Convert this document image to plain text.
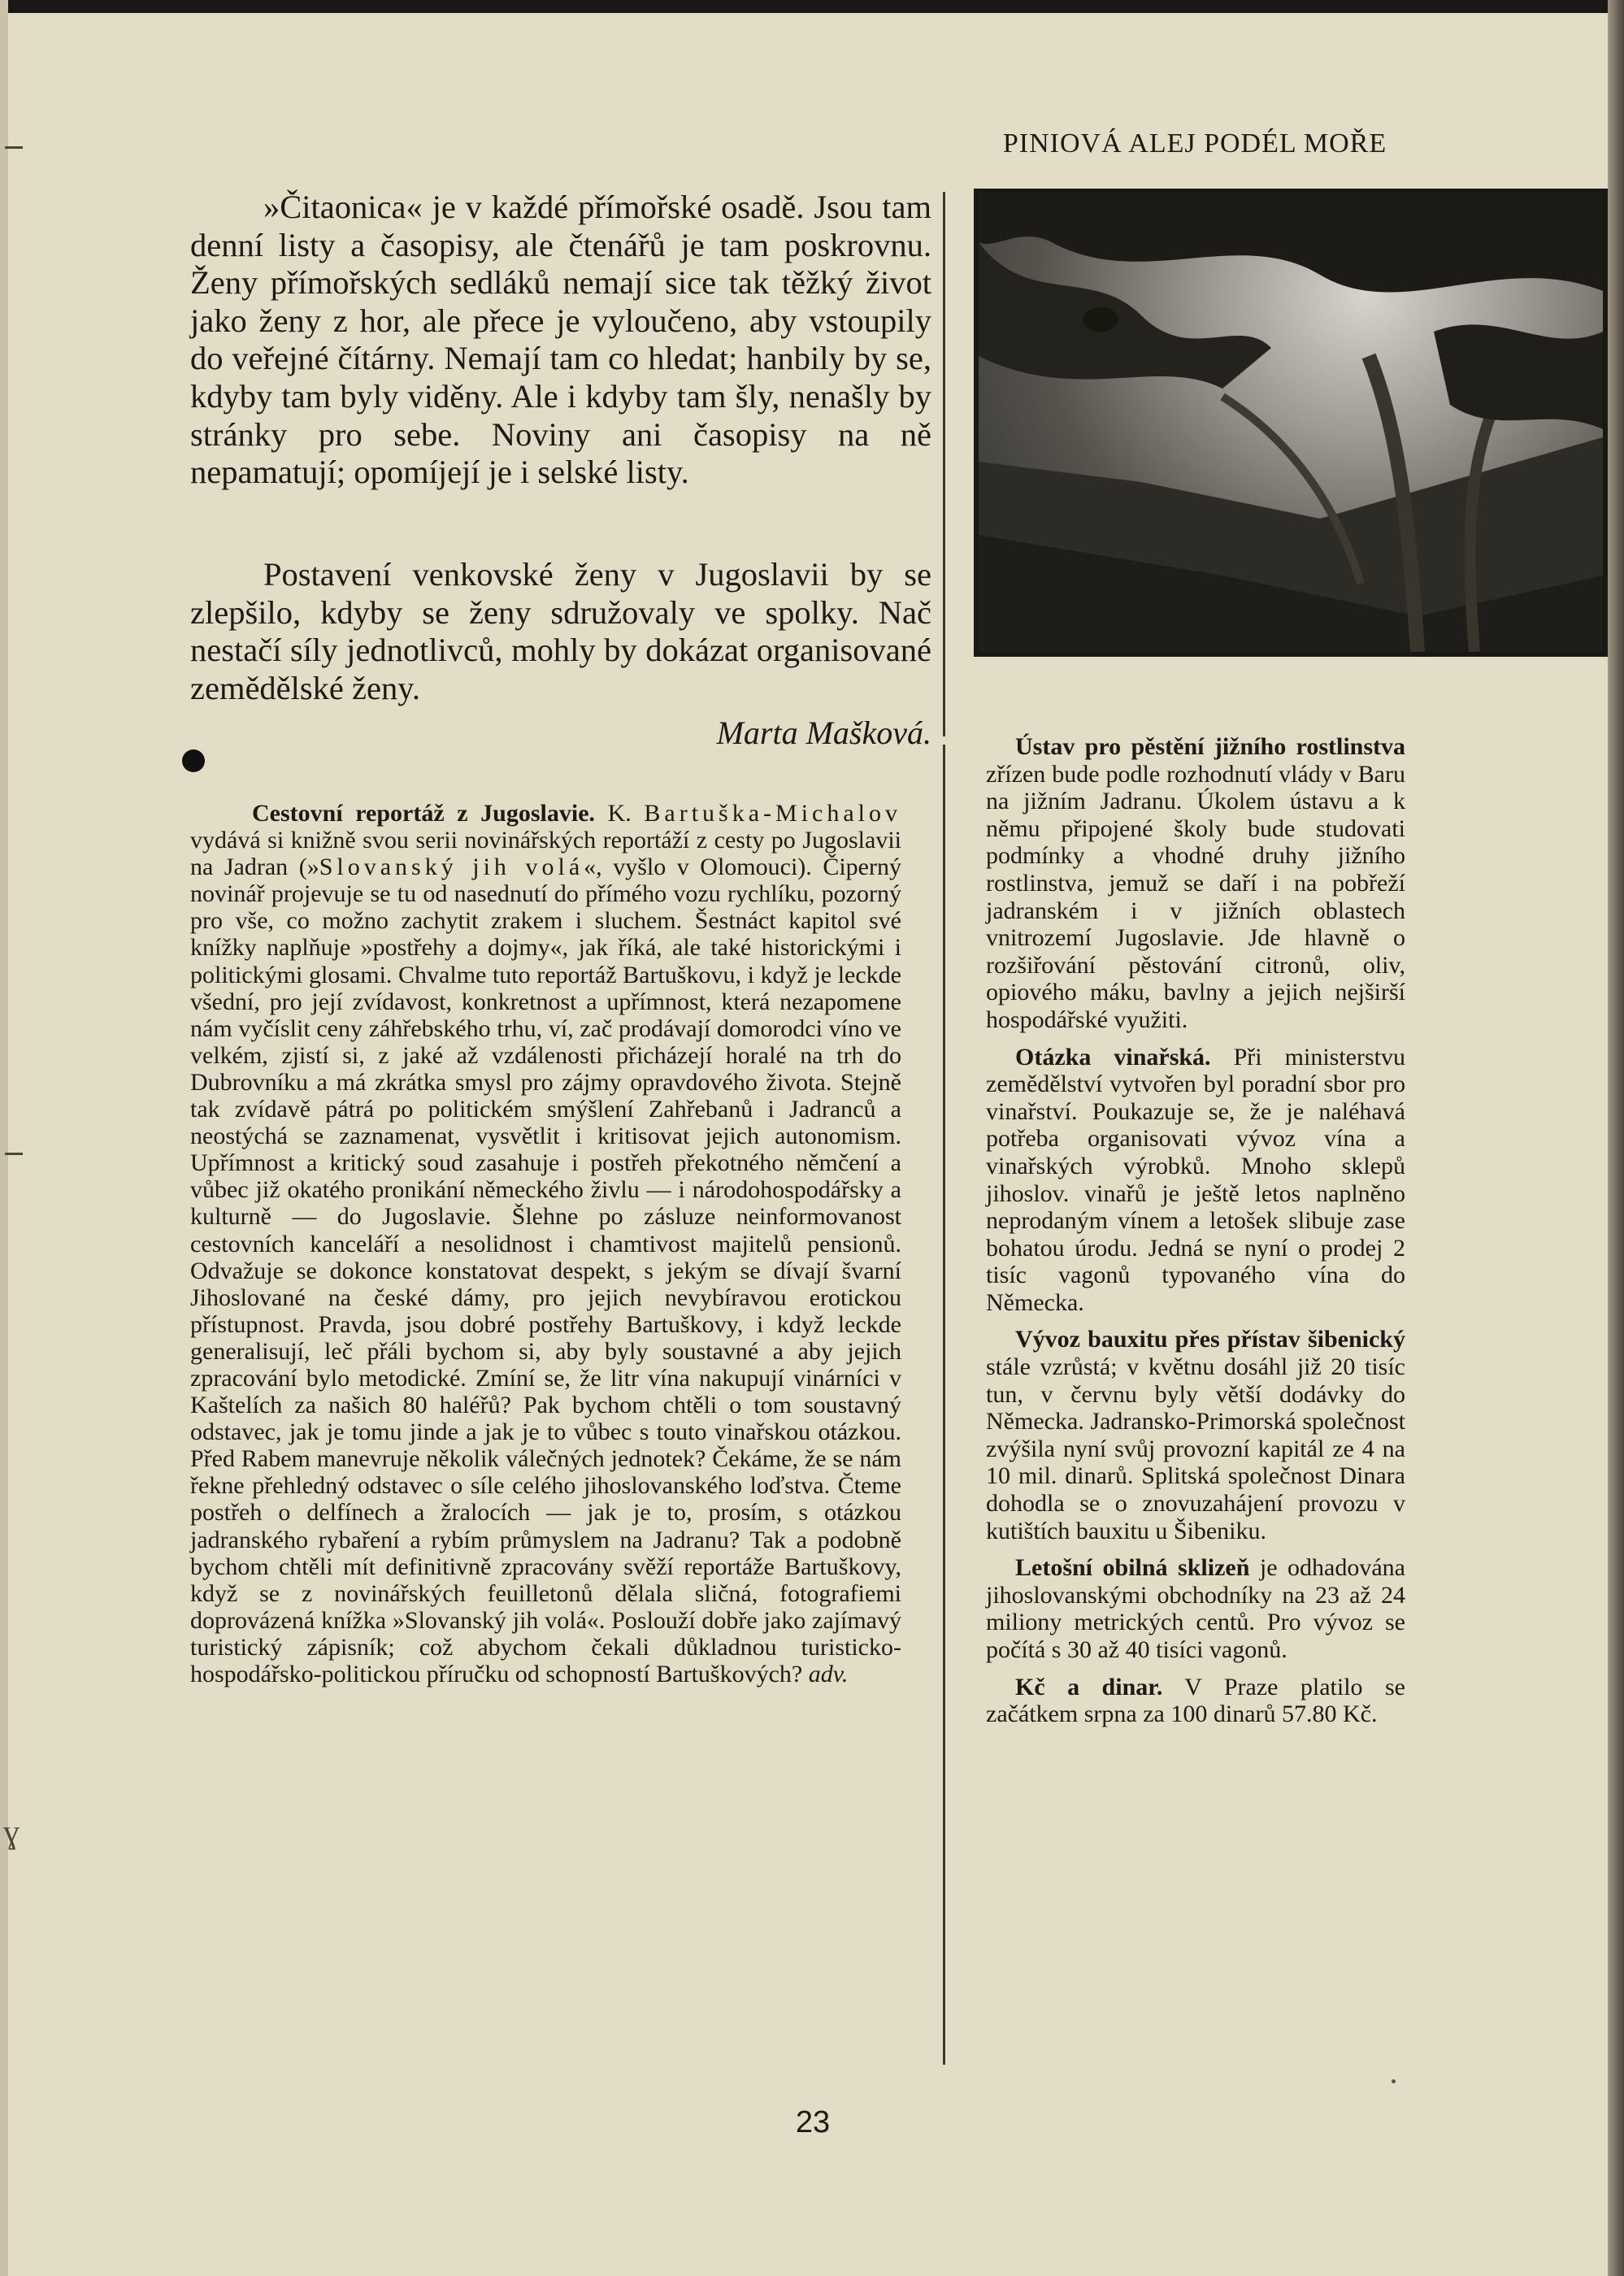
ɣ
PINIOVÁ ALEJ PODÉL MOŘE

»Čitaonica« je v každé přímořské osadě. Jsou tam denní listy a časopisy, ale čtenářů je tam poskrovnu. Ženy přímořských sedláků nemají sice tak těžký život jako ženy z hor, ale přece je vyloučeno, aby vstoupily do veřejné čítárny. Nemají tam co hledat; hanbily by se, kdyby tam byly viděny. Ale i kdyby tam šly, nenašly by stránky pro sebe. Noviny ani časopisy na ně nepamatují; opomíjejí je i selské listy.

Postavení venkovské ženy v Jugoslavii by se zlepšilo, kdyby se ženy sdružovaly ve spolky. Nač nestačí síly jednotlivců, mohly by dokázat organisované zemědělské ženy.

Marta Mašková.

Cestovní reportáž z Jugoslavie. K. Bartuška-Michalov vydává si knižně svou serii novinářských reportáží z cesty po Jugoslavii na Jadran (»Slovanský jih volá«, vyšlo v Olomouci). Čiperný novinář projevuje se tu od nasednutí do přímého vozu rychlíku, pozorný pro vše, co možno zachytit zrakem i sluchem. Šestnáct kapitol své knížky naplňuje »postřehy a dojmy«, jak říká, ale také historickými i politickými glosami. Chvalme tuto reportáž Bartuškovu, i když je leckde všední, pro její zvídavost, konkretnost a upřímnost, která nezapomene nám vyčíslit ceny záhřebského trhu, ví, zač prodávají domorodci víno ve velkém, zjistí si, z jaké až vzdálenosti přicházejí horalé na trh do Dubrovníku a má zkrátka smysl pro zájmy opravdového života. Stejně tak zvídavě pátrá po politickém smýšlení Zahřebanů i Jadranců a neostýchá se zaznamenat, vysvětlit i kritisovat jejich autonomism. Upřímnost a kritický soud zasahuje i postřeh překotného němčení a vůbec již okatého pronikání německého živlu — i národohospodářsky a kulturně — do Jugoslavie. Šlehne po zásluze neinformovanost cestovních kanceláří a nesolidnost i chamtivost majitelů pensionů. Odvažuje se dokonce konstatovat despekt, s jekým se dívají švarní Jihoslované na české dámy, pro jejich nevybíravou erotickou přístupnost. Pravda, jsou dobré postřehy Bartuškovy, i když leckde generalisují, leč přáli bychom si, aby byly soustavné a aby jejich zpracování bylo metodické. Zmíní se, že litr vína nakupují vinárníci v Kaštelích za našich 80 haléřů? Pak bychom chtěli o tom soustavný odstavec, jak je tomu jinde a jak je to vůbec s touto vinařskou otázkou. Před Rabem manevruje několik válečných jednotek? Čekáme, že se nám řekne přehledný odstavec o síle celého jihoslovanského loďstva. Čteme postřeh o delfínech a žralocích — jak je to, prosím, s otázkou jadranského rybaření a rybím průmyslem na Jadranu? Tak a podobně bychom chtěli mít definitivně zpracovány svěží reportáže Bartuškovy, když se z novinářských feuilletonů dělala sličná, fotografiemi doprovázená knížka »Slovanský jih volá«. Poslouží dobře jako zajímavý turistický zápisník; což abychom čekali důkladnou turisticko-hospodářsko-politickou příručku od schopností Bartuškových? adv.

Ústav pro pěstění jižního rostlinstva zřízen bude podle rozhodnutí vlády v Baru na jižním Jadranu. Úkolem ústavu a k němu připojené školy bude studovati podmínky a vhodné druhy jižního rostlinstva, jemuž se daří i na pobřeží jadranském i v jižních oblastech vnitrozemí Jugoslavie. Jde hlavně o rozšiřování pěstování citronů, oliv, opiového máku, bavlny a jejich nejširší hospodářské využiti.

Otázka vinařská. Při ministerstvu zemědělství vytvořen byl poradní sbor pro vinařství. Poukazuje se, že je naléhavá potřeba organisovati vývoz vína a vinařských výrobků. Mnoho sklepů jihoslov. vinařů je ještě letos naplněno neprodaným vínem a letošek slibuje zase bohatou úrodu. Jedná se nyní o prodej 2 tisíc vagonů typovaného vína do Německa.

Vývoz bauxitu přes přístav šibenický stále vzrůstá; v květnu dosáhl již 20 tisíc tun, v červnu byly větší dodávky do Německa. Jadransko-Primorská společnost zvýšila nyní svůj provozní kapitál ze 4 na 10 mil. dinarů. Splitská společnost Dinara dohodla se o znovuzahájení provozu v kutištích bauxitu u Šibeniku.

Letošní obilná sklizeň je odhadována jihoslovanskými obchodníky na 23 až 24 miliony metrických centů. Pro vývoz se počítá s 30 až 40 tisíci vagonů.

Kč a dinar. V Praze platilo se začátkem srpna za 100 dinarů 57.80 Kč.

23
